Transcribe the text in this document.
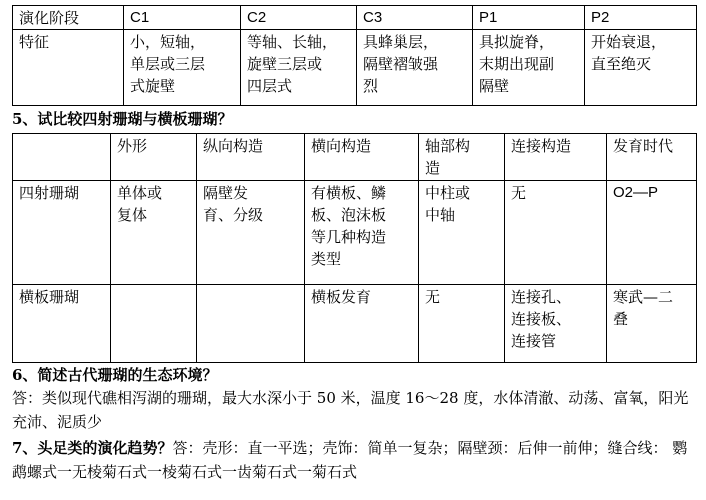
演化阶段	C1	C2	C3	P1	P2
特征	小，短轴，
单层或三层
式旋壁	等轴、长轴，
旋壁三层或
四层式	具蜂巢层，
隔壁褶皱强
烈	具拟旋脊，
末期出现副
隔壁	开始衰退，
直至绝灭
5、试比较四射珊瑚与横板珊瑚？
	外形	纵向构造	横向构造	轴部构
造	连接构造	发育时代
四射珊瑚	单体或
复体	隔壁发
育、分级	有横板、鳞
板、泡沫板
等几种构造
类型	中柱或
中轴	无	O2—P
横板珊瑚			横板发育	无	连接孔、
连接板、
连接管	寒武—二
叠
6、简述古代珊瑚的生态环境？
答：类似现代礁相泻湖的珊瑚，最大水深小于 50 米，温度 16～28 度，水体清澈、动荡、富氧，阳光充沛、泥质少
7、头足类的演化趋势？答：壳形：直一平选；壳饰：简单一复杂；隔壁颈：后伸一前伸；缝合线： 鹦鹉螺式一无棱菊石式一棱菊石式一齿菊石式一菊石式
